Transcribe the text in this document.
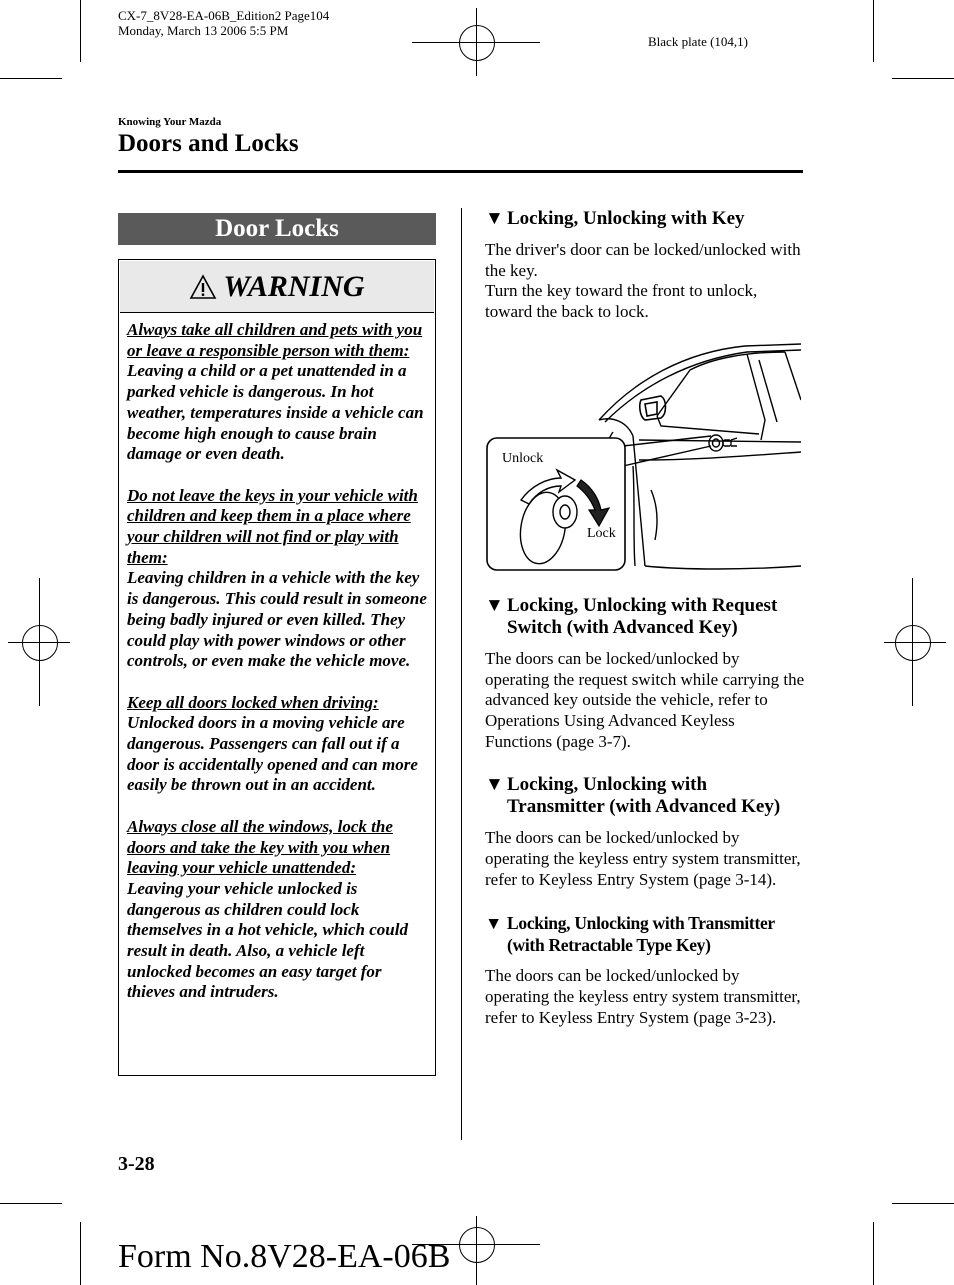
CX-7_8V28-EA-06B_Edition2 Page104
Monday, March 13 2006 5:5 PM
Black plate (104,1)
Knowing Your Mazda
Doors and Locks
Door Locks
WARNING
Always take all children and pets with you or leave a responsible person with them:
Leaving a child or a pet unattended in a parked vehicle is dangerous. In hot weather, temperatures inside a vehicle can become high enough to cause brain damage or even death.
Do not leave the keys in your vehicle with children and keep them in a place where your children will not find or play with them:
Leaving children in a vehicle with the key is dangerous. This could result in someone being badly injured or even killed. They could play with power windows or other controls, or even make the vehicle move.
Keep all doors locked when driving:
Unlocked doors in a moving vehicle are dangerous. Passengers can fall out if a door is accidentally opened and can more easily be thrown out in an accident.
Always close all the windows, lock the doors and take the key with you when leaving your vehicle unattended:
Leaving your vehicle unlocked is dangerous as children could lock themselves in a hot vehicle, which could result in death. Also, a vehicle left unlocked becomes an easy target for thieves and intruders.

▼ Locking, Unlocking with Key

The driver's door can be locked/unlocked with the key.

Turn the key toward the front to unlock, toward the back to lock.

▼ Locking, Unlocking with Request Switch (with Advanced Key)

The doors can be locked/unlocked by operating the request switch while carrying the advanced key outside the vehicle, refer to Operations Using Advanced Keyless Functions (page 3-7).

▼ Locking, Unlocking with Transmitter (with Advanced Key)

The doors can be locked/unlocked by operating the keyless entry system transmitter, refer to Keyless Entry System (page 3-14).

▼ Locking, Unlocking with Transmitter (with Retractable Type Key)

The doors can be locked/unlocked by operating the keyless entry system transmitter, refer to Keyless Entry System (page 3-23).

Unlock
Lock
3-28
Form No.8V28-EA-06B
